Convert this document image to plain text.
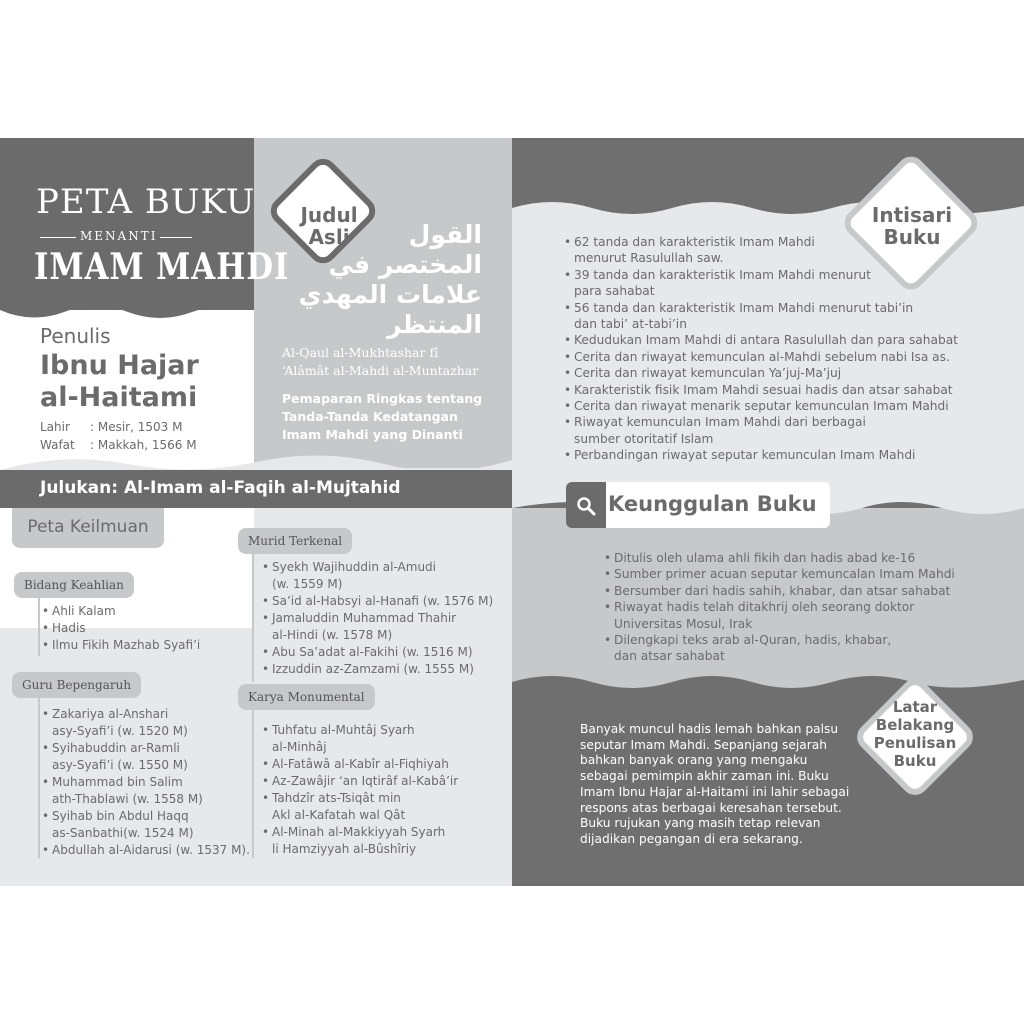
PETA BUKU
MENANTI
IMAM MAHDI
Penulis
Ibnu Hajar
al-Haitami
Lahir : Mesir, 1503 M
Wafat : Makkah, 1566 M
Judul
Asli	القول
المختصر في
علامات المهدي
المنتظر
Al-Qaul al-Mukhtashar fî
‘Alâmât al-Mahdi al-Muntazhar
Pemaparan Ringkas tentang
Tanda-Tanda Kedatangan
Imam Mahdi yang Dinanti
Julukan: Al-Imam al-Faqih al-Mujtahid
Peta Keilmuan
Bidang Keahlian
• Ahli Kalam
• Hadis
• Ilmu Fikih Mazhab Syafi’i
Guru Bepengaruh
• Zakariya al-Anshari
asy-Syafi’i (w. 1520 M)
• Syihabuddin ar-Ramli
asy-Syafi’i (w. 1550 M)
• Muhammad bin Salim
ath-Thablawi (w. 1558 M)
• Syihab bin Abdul Haqq
as-Sanbathi(w. 1524 M)
• Abdullah al-Aidarusi (w. 1537 M).
Murid Terkenal
• Syekh Wajihuddin al-Amudi
(w. 1559 M)
• Sa’id al-Habsyi al-Hanafi (w. 1576 M)
• Jamaluddin Muhammad Thahir
al-Hindi (w. 1578 M)
• Abu Sa’adat al-Fakihi (w. 1516 M)
• Izzuddin az-Zamzami (w. 1555 M)
Karya Monumental
• Tuhfatu al-Muhtâj Syarh
al-Minhâj
• Al-Fatâwâ al-Kabîr al-Fiqhiyah
• Az-Zawâjir ‘an Iqtirâf al-Kabâ’ir
• Tahdzîr ats-Tsiqât min
Akl al-Kafatah wal Qât
• Al-Minah al-Makkiyyah Syarh
li Hamziyyah al-Bûshîriy
Intisari
Buku
• 62 tanda dan karakteristik Imam Mahdi
menurut Rasulullah saw.
• 39 tanda dan karakteristik Imam Mahdi menurut
para sahabat
• 56 tanda dan karakteristik Imam Mahdi menurut tabi’in
dan tabi’ at-tabi’in
• Kedudukan Imam Mahdi di antara Rasulullah dan para sahabat
• Cerita dan riwayat kemunculan al-Mahdi sebelum nabi Isa as.
• Cerita dan riwayat kemunculan Ya’juj-Ma’juj
• Karakteristik fisik Imam Mahdi sesuai hadis dan atsar sahabat
• Cerita dan riwayat menarik seputar kemunculan Imam Mahdi
• Riwayat kemunculan Imam Mahdi dari berbagai
sumber otoritatif Islam
• Perbandingan riwayat seputar kemunculan Imam Mahdi
Keunggulan Buku
• Ditulis oleh ulama ahli fikih dan hadis abad ke-16
• Sumber primer acuan seputar kemuncalan Imam Mahdi
• Bersumber dari hadis sahih, khabar, dan atsar sahabat
• Riwayat hadis telah ditakhrij oleh seorang doktor
Universitas Mosul, Irak
• Dilengkapi teks arab al-Quran, hadis, khabar,
dan atsar sahabat
Latar
Belakang
Penulisan
Buku
Banyak muncul hadis lemah bahkan palsu
seputar Imam Mahdi. Sepanjang sejarah
bahkan banyak orang yang mengaku
sebagai pemimpin akhir zaman ini. Buku
Imam Ibnu Hajar al-Haitami ini lahir sebagai
respons atas berbagai keresahan tersebut.
Buku rujukan yang masih tetap relevan
dijadikan pegangan di era sekarang.
